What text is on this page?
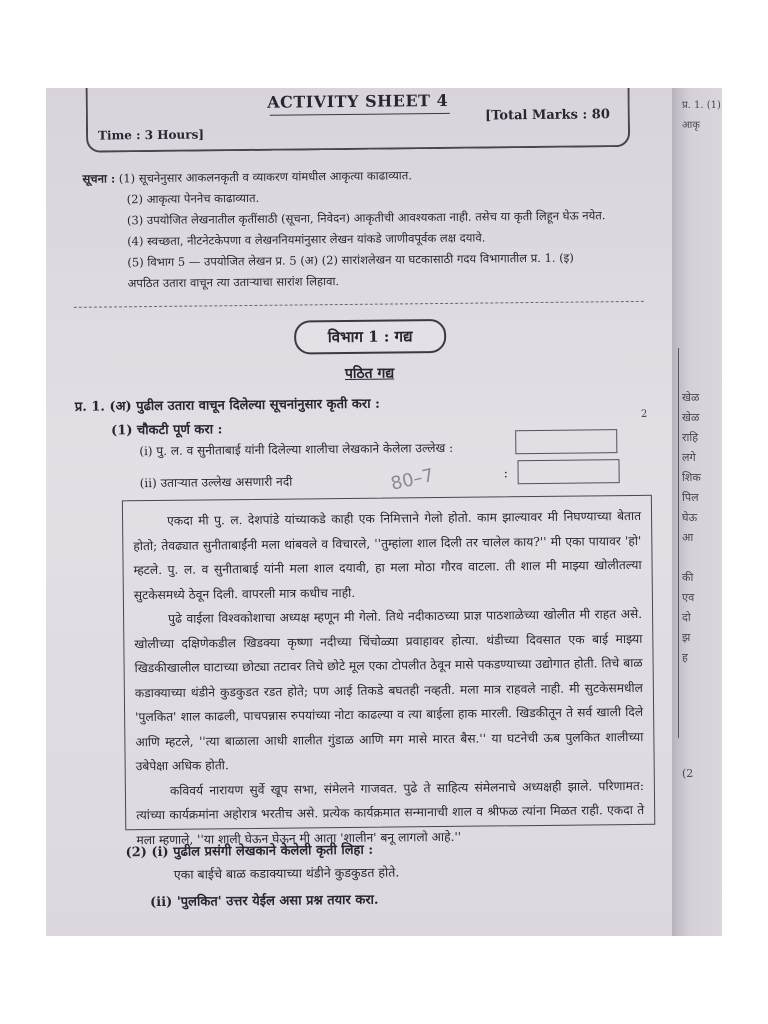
ACTIVITY SHEET 4
Time : 3 Hours]
[Total Marks : 80
सूचना : (1) सूचनेनुसार आकलनकृती व व्याकरण यांमधील आकृत्या काढाव्यात.
(2) आकृत्या पेननेच काढाव्यात.
(3) उपयोजित लेखनातील कृतींसाठी (सूचना, निवेदन) आकृतीची आवश्यकता नाही. तसेच या कृती लिहून घेऊ नयेत.
(4) स्वच्छता, नीटनेटकेपणा व लेखननियमांनुसार लेखन यांकडे जाणीवपूर्वक लक्ष दयावे.
(5) विभाग 5 — उपयोजित लेखन प्र. 5 (अ) (2) सारांशलेखन या घटकासाठी गदय विभागातील प्र. 1. (इ)
अपठित उतारा वाचून त्या उताऱ्याचा सारांश लिहावा.
विभाग 1 : गद्य
पठित गद्य
प्र. 1. (अ) पुढील उतारा वाचून दिलेल्या सूचनांनुसार कृती करा :
(1) चौकटी पूर्ण करा :
2
(i) पु. ल. व सुनीताबाई यांनी दिलेल्या शालीचा लेखकाने केलेला उल्लेख :
(ii) उताऱ्यात उल्लेख असणारी नदी
:
80–7

एकदा मी पु. ल. देशपांडे यांच्याकडे काही एक निमित्ताने गेलो होतो. काम झाल्यावर मी निघण्याच्या बेतात होतो; तेवढ्यात सुनीताबाईंनी मला थांबवले व विचारले, ''तुम्हांला शाल दिली तर चालेल काय?'' मी एका पायावर 'हो' म्हटले. पु. ल. व सुनीताबाई यांनी मला शाल दयावी, हा मला मोठा गौरव वाटला. ती शाल मी माझ्या खोलीतल्या सुटकेसमध्ये ठेवून दिली. वापरली मात्र कधीच नाही.

पुढे वाईला विश्वकोशाचा अध्यक्ष म्हणून मी गेलो. तिथे नदीकाठच्या प्राज्ञ पाठशाळेच्या खोलीत मी राहत असे. खोलीच्या दक्षिणेकडील खिडक्या कृष्णा नदीच्या चिंचोळ्या प्रवाहावर होत्या. थंडीच्या दिवसात एक बाई माझ्या खिडकीखालील घाटाच्या छोट्या तटावर तिचे छोटे मूल एका टोपलीत ठेवून मासे पकडण्याच्या उद्योगात होती. तिचे बाळ कडाक्याच्या थंडीने कुडकुडत रडत होते; पण आई तिकडे बघतही नव्हती. मला मात्र राहवले नाही. मी सुटकेसमधील 'पुलकित' शाल काढली, पाचपन्नास रुपयांच्या नोटा काढल्या व त्या बाईला हाक मारली. खिडकीतून ते सर्व खाली दिले आणि म्हटले, ''त्या बाळाला आधी शालीत गुंडाळ आणि मग मासे मारत बैस.'' या घटनेची ऊब पुलकित शालीच्या उबेपेक्षा अधिक होती.

कविवर्य नारायण सुर्वे खूप सभा, संमेलने गाजवत. पुढे ते साहित्य संमेलनाचे अध्यक्षही झाले. परिणामत: त्यांच्या कार्यक्रमांना अहोरात्र भरतीच असे. प्रत्येक कार्यक्रमात सन्मानाची शाल व श्रीफळ त्यांना मिळत राही. एकदा ते मला म्हणाले, ''या शाली घेऊन घेऊन मी आता 'शालीन' बनू लागलो आहे.''

(2) (i) पुढील प्रसंगी लेखकाने केलेली कृती लिहा :
एका बाईचे बाळ कडाक्याच्या थंडीने कुडकुडत होते.
(ii) 'पुलकित' उत्तर येईल असा प्रश्न तयार करा.
प्र. 1. (1) आकृ
खेळ
खेळ
राहि
लगे
शिक
पिल
घेऊ
आ

की
एव
दो
झ
ह
(2
